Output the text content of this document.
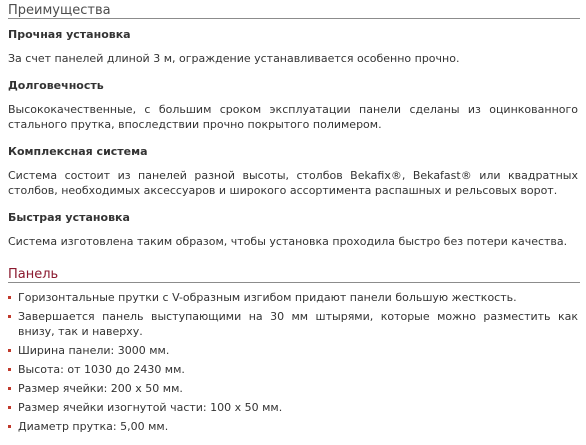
Преимущества
Прочная установка
За счет панелей длиной 3 м, ограждение устанавливается особенно прочно.
Долговечность
Высококачественные, с большим сроком эксплуатации панели сделаны из оцинкованного стального прутка, впоследствии прочно покрытого полимером.
Комплексная система
Система состоит из панелей разной высоты, столбов Bekafix®, Bekafast® или квадратных столбов, необходимых аксессуаров и широкого ассортимента распашных и рельсовых ворот.
Быстрая установка
Система изготовлена таким образом, чтобы установка проходила быстро без потери качества.
Панель
Горизонтальные прутки с V-образным изгибом придают панели большую жесткость.
Завершается панель выступающими на 30 мм штырями, которые можно разместить как внизу, так и наверху.
Ширина панели: 3000 мм.
Высота: от 1030 до 2430 мм.
Размер ячейки: 200 х 50 мм.
Размер ячейки изогнутой части: 100 х 50 мм.
Диаметр прутка: 5,00 мм.
